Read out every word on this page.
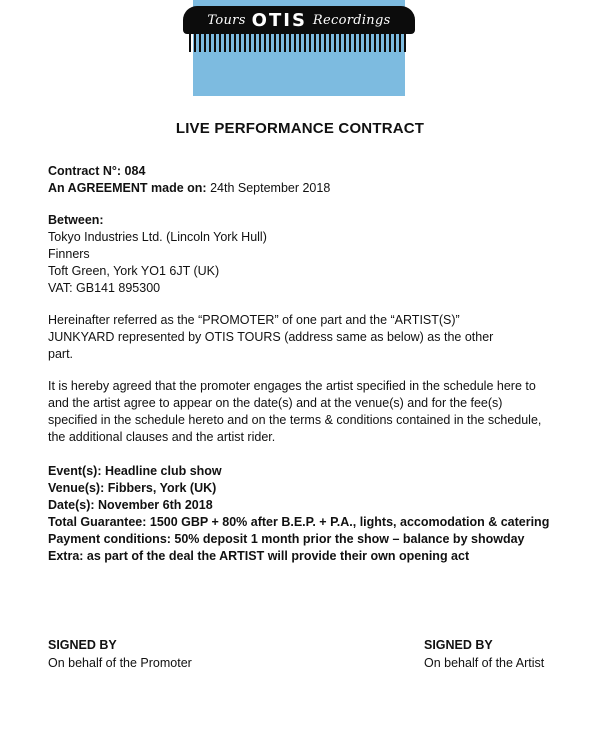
Tours OTIS Recordings
LIVE PERFORMANCE CONTRACT
Contract N°: 084
An AGREEMENT made on: 24th September 2018
Between:
Tokyo Industries Ltd. (Lincoln York Hull)
Finners
Toft Green, York YO1 6JT (UK)
VAT: GB141 895300
Hereinafter referred as the “PROMOTER” of one part and the “ARTIST(S)” JUNKYARD represented by OTIS TOURS (address same as below) as the other part.
It is hereby agreed that the promoter engages the artist specified in the schedule here to and the artist agree to appear on the date(s) and at the venue(s) and for the fee(s) specified in the schedule hereto and on the terms & conditions contained in the schedule, the additional clauses and the artist rider.
Event(s): Headline club show
Venue(s): Fibbers, York (UK)
Date(s): November 6th 2018
Total Guarantee: 1500 GBP + 80% after B.E.P. + P.A., lights, accomodation & catering
Payment conditions: 50% deposit 1 month prior the show – balance by showday
Extra: as part of the deal the ARTIST will provide their own opening act
SIGNED BY
On behalf of the Promoter
SIGNED BY
On behalf of the Artist
